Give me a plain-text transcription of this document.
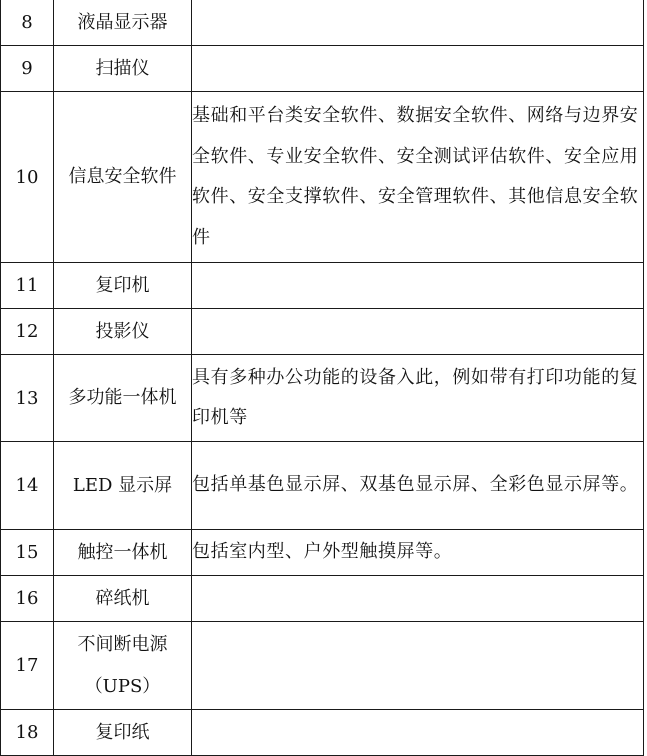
8	液晶显示器	
9	扫描仪	
10	信息安全软件	基础和平台类安全软件、数据安全软件、网络与边界安全软件、专业安全软件、安全测试评估软件、安全应用软件、安全支撑软件、安全管理软件、其他信息安全软件
11	复印机	
12	投影仪	
13	多功能一体机	具有多种办公功能的设备入此，例如带有打印功能的复印机等
14	LED 显示屏	包括单基色显示屏、双基色显示屏、全彩色显示屏等。
15	触控一体机	包括室内型、户外型触摸屏等。
16	碎纸机	
17	不间断电源（UPS）	
18	复印纸	
